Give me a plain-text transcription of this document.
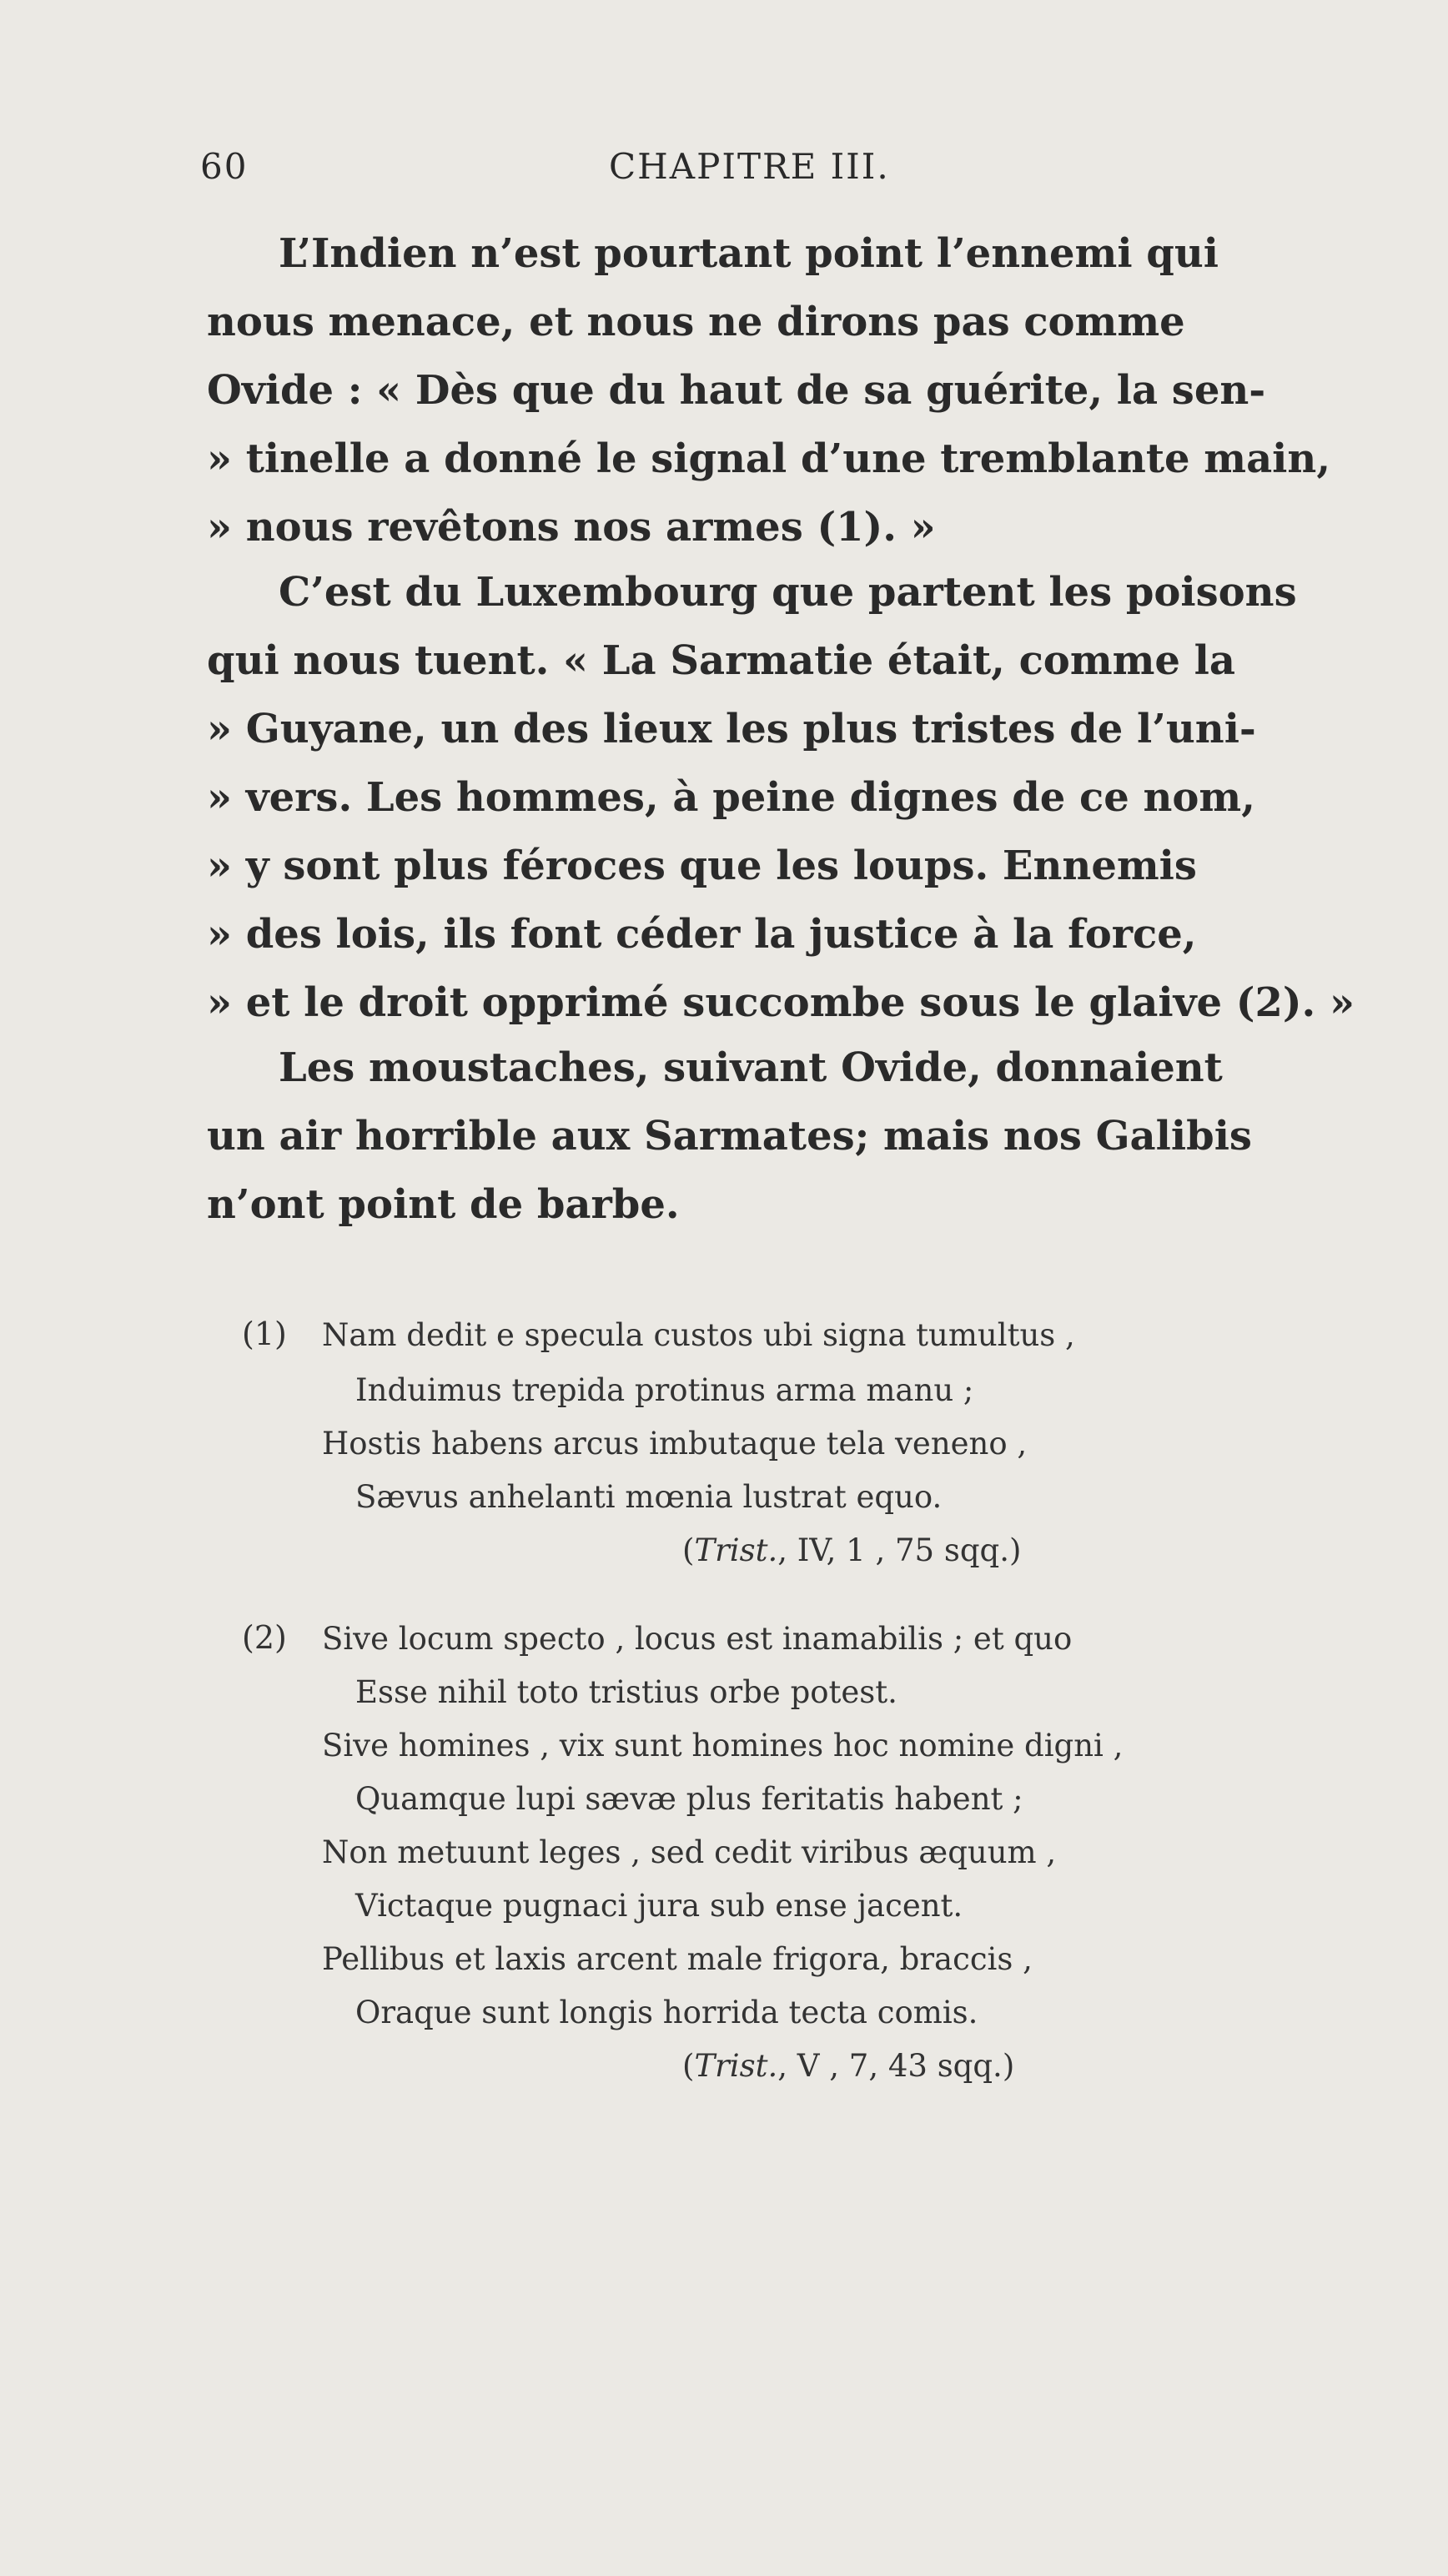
60	CHAPITRE III.
L’Indien n’est pourtant point l’ennemi qui
nous menace, et nous ne dirons pas comme
Ovide : « Dès que du haut de sa guérite, la sen-
» tinelle a donné le signal d’une tremblante main,
» nous revêtons nos armes (1). »
C’est du Luxembourg que partent les poisons
qui nous tuent. « La Sarmatie était, comme la
» Guyane, un des lieux les plus tristes de l’uni-
» vers. Les hommes, à peine dignes de ce nom,
» y sont plus féroces que les loups. Ennemis
» des lois, ils font céder la justice à la force,
» et le droit opprimé succombe sous le glaive (2). »
Les moustaches, suivant Ovide, donnaient
un air horrible aux Sarmates; mais nos Galibis
n’ont point de barbe.
(1) Nam dedit e specula custos ubi signa tumultus ,
Induimus trepida protinus arma manu ;
Hostis habens arcus imbutaque tela veneno ,
Sævus anhelanti mœnia lustrat equo.
(Trist., IV, 1 , 75 sqq.)
(2) Sive locum specto , locus est inamabilis ; et quo
Esse nihil toto tristius orbe potest.
Sive homines , vix sunt homines hoc nomine digni ,
Quamque lupi sævæ plus feritatis habent ;
Non metuunt leges , sed cedit viribus æquum ,
Victaque pugnaci jura sub ense jacent.
Pellibus et laxis arcent male frigora, braccis ,
Oraque sunt longis horrida tecta comis.
(Trist., V , 7, 43 sqq.)
